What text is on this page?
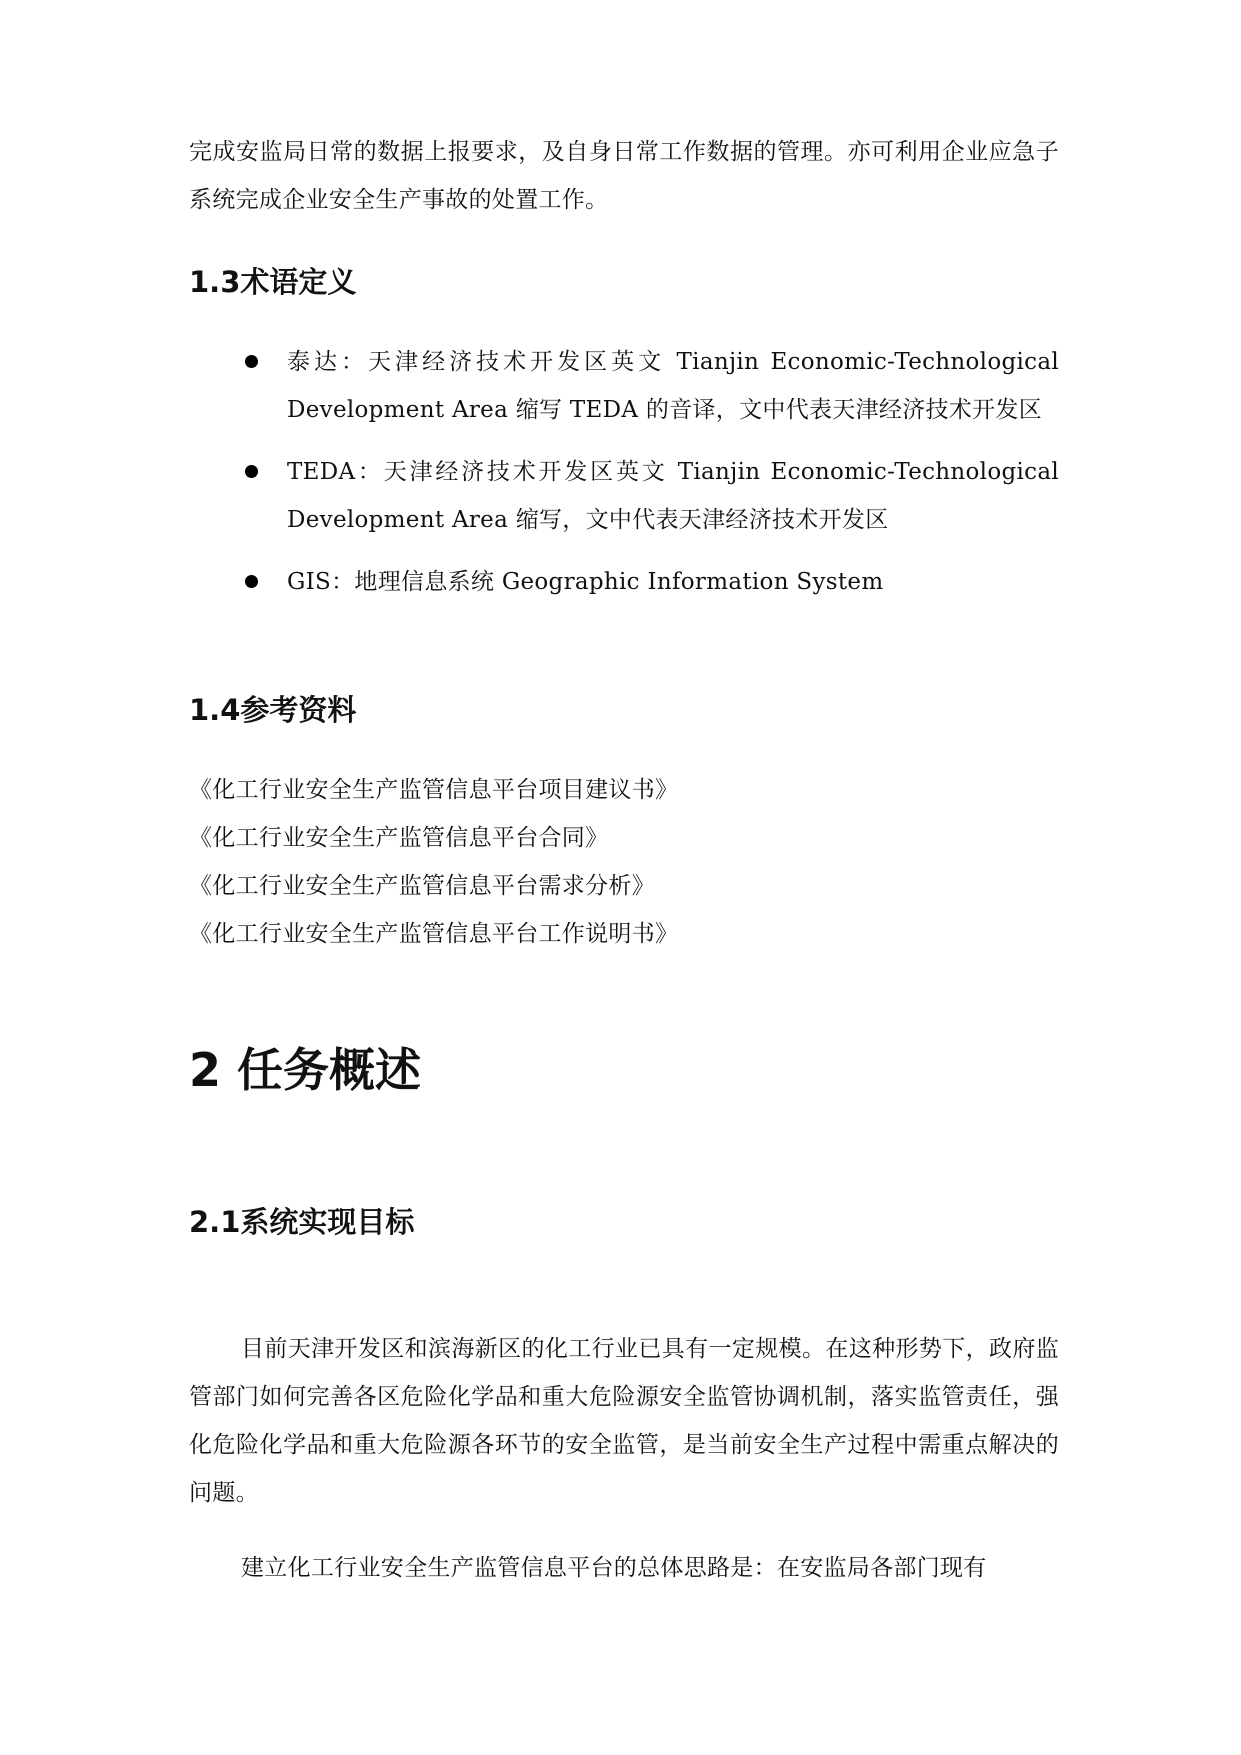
完成安监局日常的数据上报要求，及自身日常工作数据的管理。亦可利用企业应急子系统完成企业安全生产事故的处置工作。

1.3术语定义
泰达：天津经济技术开发区英文 Tianjin Economic-Technological Development Area 缩写 TEDA 的音译，文中代表天津经济技术开发区
TEDA：天津经济技术开发区英文 Tianjin Economic-Technological Development Area 缩写，文中代表天津经济技术开发区
GIS：地理信息系统 Geographic Information System
1.4参考资料
《化工行业安全生产监管信息平台项目建议书》
《化工行业安全生产监管信息平台合同》
《化工行业安全生产监管信息平台需求分析》
《化工行业安全生产监管信息平台工作说明书》
2 任务概述
2.1系统实现目标

目前天津开发区和滨海新区的化工行业已具有一定规模。在这种形势下，政府监管部门如何完善各区危险化学品和重大危险源安全监管协调机制，落实监管责任，强化危险化学品和重大危险源各环节的安全监管，是当前安全生产过程中需重点解决的问题。

建立化工行业安全生产监管信息平台的总体思路是：在安监局各部门现有
